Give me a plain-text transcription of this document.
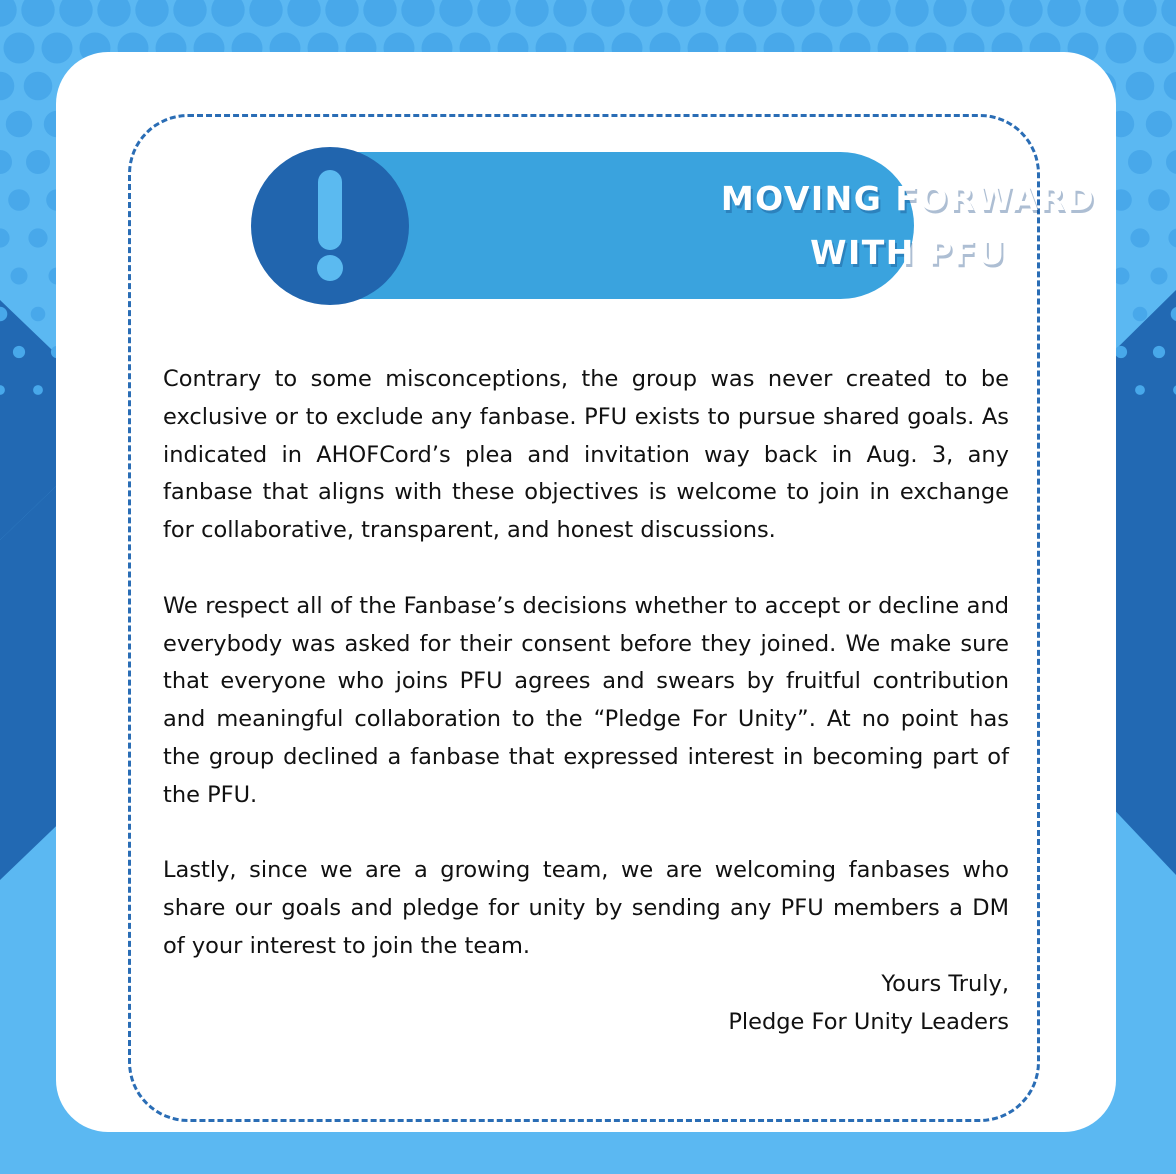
MOVING FORWARD
WITH PFU

Contrary to some misconceptions, the group was never created to be exclusive or to exclude any fanbase. PFU exists to pursue shared goals. As indicated in AHOFCord’s plea and invitation way back in Aug. 3, any fanbase that aligns with these objectives is welcome to join in exchange for collaborative, transparent, and honest discussions.

We respect all of the Fanbase’s decisions whether to accept or decline and everybody was asked for their consent before they joined. We make sure that everyone who joins PFU agrees and swears by fruitful contribution and meaningful collaboration to the “Pledge For Unity”. At no point has the group declined a fanbase that expressed interest in becoming part of the PFU.

Lastly, since we are a growing team, we are welcoming fanbases who share our goals and pledge for unity by sending any PFU members a DM of your interest to join the team.

Yours Truly,
Pledge For Unity Leaders
